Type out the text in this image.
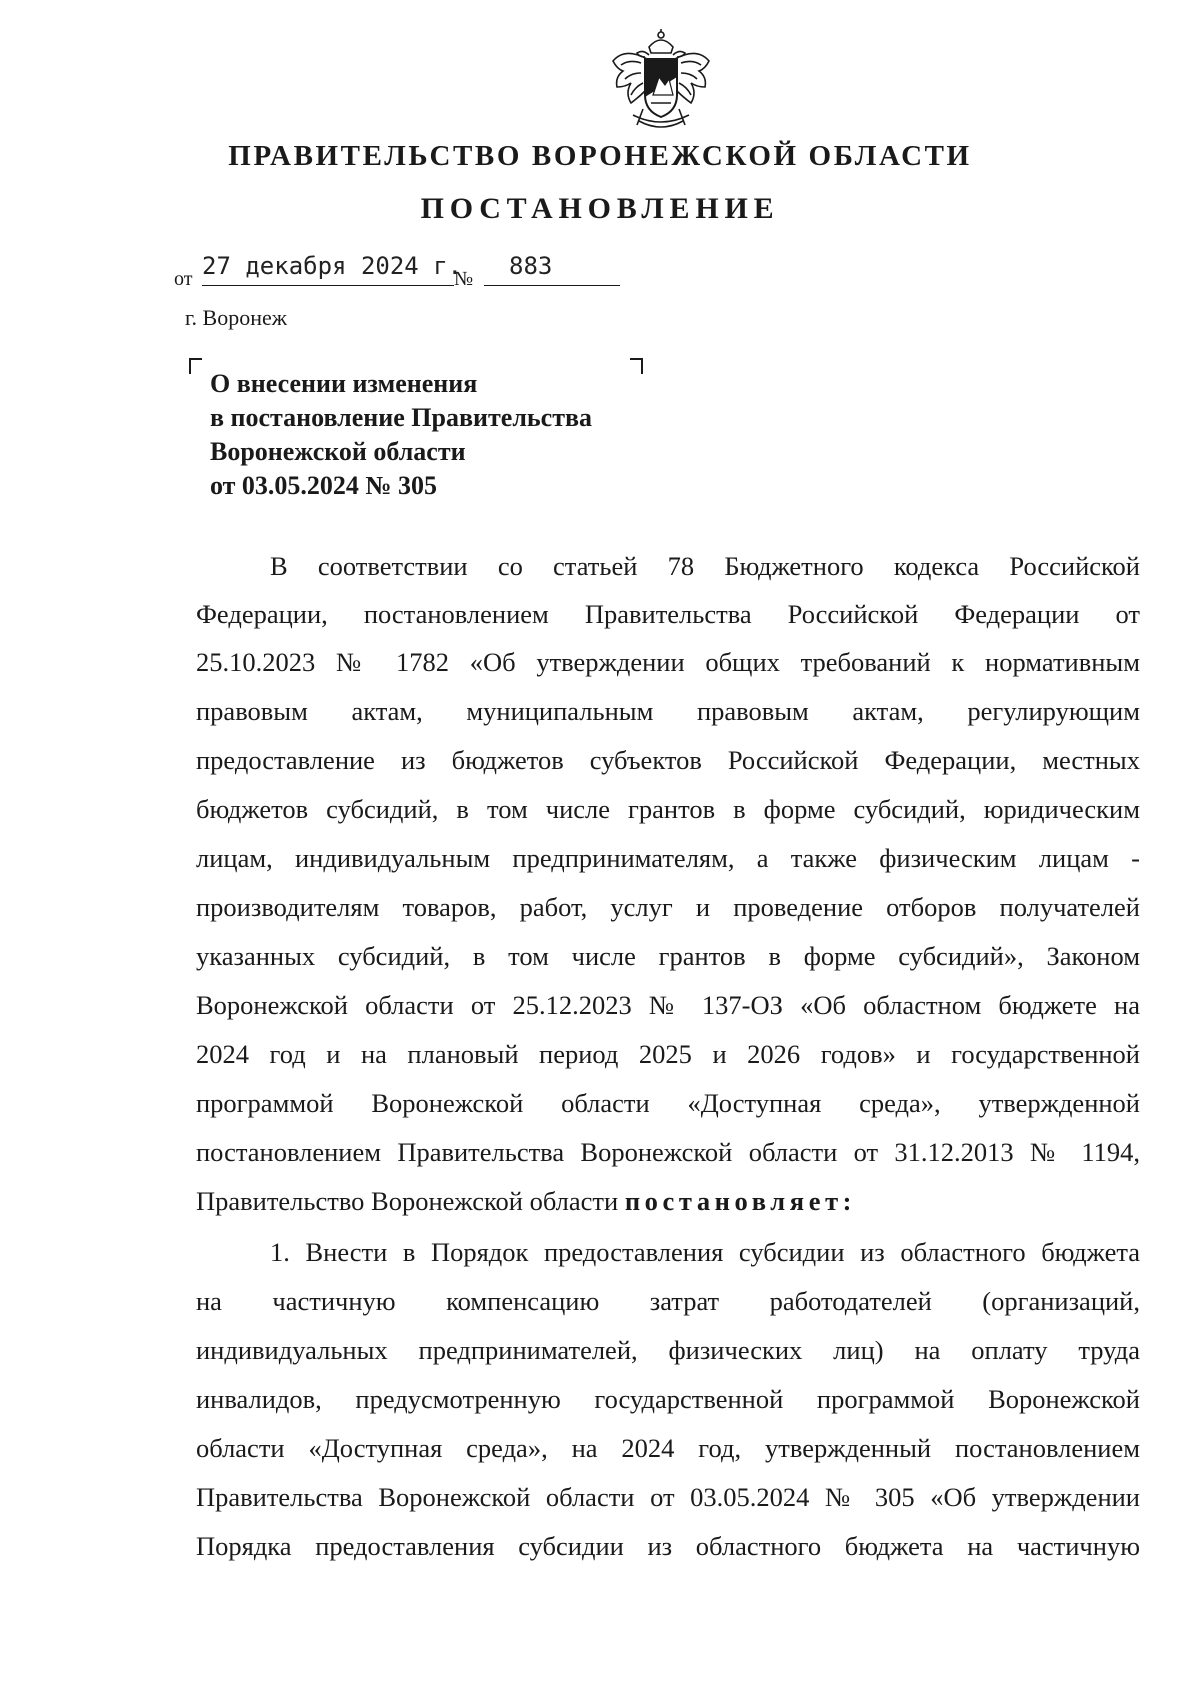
ПРАВИТЕЛЬСТВО ВОРОНЕЖСКОЙ ОБЛАСТИ
ПОСТАНОВЛЕНИЕ
от 27 декабря 2024 г.
№ 883
г. Воронеж
О внесении изменения
в постановление Правительства
Воронежской области
от 03.05.2024 № 305
В соответствии со статьей 78 Бюджетного кодекса Российской
Федерации, постановлением Правительства Российской Федерации от
25.10.2023 № 1782 «Об утверждении общих требований к нормативным
правовым актам, муниципальным правовым актам, регулирующим
предоставление из бюджетов субъектов Российской Федерации, местных
бюджетов субсидий, в том числе грантов в форме субсидий, юридическим
лицам, индивидуальным предпринимателям, а также физическим лицам -
производителям товаров, работ, услуг и проведение отборов получателей
указанных субсидий, в том числе грантов в форме субсидий», Законом
Воронежской области от 25.12.2023 № 137-ОЗ «Об областном бюджете на
2024 год и на плановый период 2025 и 2026 годов» и государственной
программой Воронежской области «Доступная среда», утвержденной
постановлением Правительства Воронежской области от 31.12.2013 № 1194,
Правительство Воронежской области постановляет:
1. Внести в Порядок предоставления субсидии из областного бюджета
на частичную компенсацию затрат работодателей (организаций,
индивидуальных предпринимателей, физических лиц) на оплату труда
инвалидов, предусмотренную государственной программой Воронежской
области «Доступная среда», на 2024 год, утвержденный постановлением
Правительства Воронежской области от 03.05.2024 № 305 «Об утверждении
Порядка предоставления субсидии из областного бюджета на частичную
